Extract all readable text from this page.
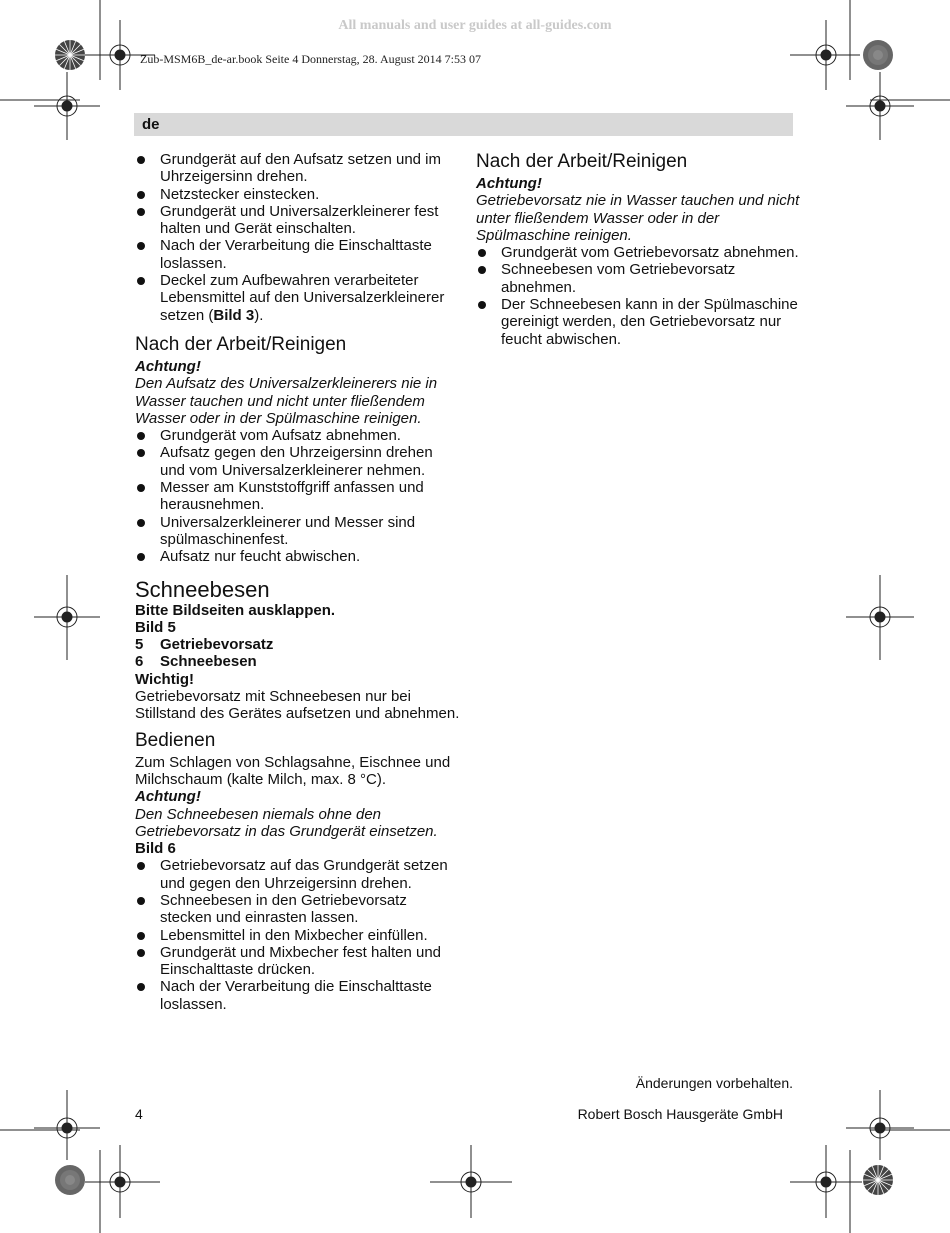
All manuals and user guides at all-guides.com
Zub-MSM6B_de-ar.book Seite 4 Donnerstag, 28. August 2014 7:53 07
de
Grundgerät auf den Aufsatz setzen und im Uhrzeigersinn drehen.
Netzstecker einstecken.
Grundgerät und Universalzerkleinerer fest halten und Gerät einschalten.
Nach der Verarbeitung die Einschalttaste loslassen.
Deckel zum Aufbewahren verarbeiteter Lebensmittel auf den Universalzerkleinerer setzen (Bild 3).
Nach der Arbeit/Reinigen

Achtung!

Den Aufsatz des Universalzerkleinerers nie in Wasser tauchen und nicht unter fließendem Wasser oder in der Spülmaschine reinigen.

Grundgerät vom Aufsatz abnehmen.
Aufsatz gegen den Uhrzeigersinn drehen und vom Universalzerkleinerer nehmen.
Messer am Kunststoffgriff anfassen und herausnehmen.
Universalzerkleinerer und Messer sind spülmaschinenfest.
Aufsatz nur feucht abwischen.
Schneebesen

Bitte Bildseiten ausklappen.

Bild 5

5	Getriebevorsatz
6	Schneebesen

Wichtig!

Getriebevorsatz mit Schneebesen nur bei Stillstand des Gerätes aufsetzen und abnehmen.

Bedienen

Zum Schlagen von Schlagsahne, Eischnee und Milchschaum (kalte Milch, max. 8 °C).

Achtung!

Den Schneebesen niemals ohne den Getriebevorsatz in das Grundgerät einsetzen.

Bild 6

Getriebevorsatz auf das Grundgerät setzen und gegen den Uhrzeigersinn drehen.
Schneebesen in den Getriebevorsatz stecken und einrasten lassen.
Lebensmittel in den Mixbecher einfüllen.
Grundgerät und Mixbecher fest halten und Einschalttaste drücken.
Nach der Verarbeitung die Einschalttaste loslassen.
Nach der Arbeit/Reinigen

Achtung!

Getriebevorsatz nie in Wasser tauchen und nicht unter fließendem Wasser oder in der Spülmaschine reinigen.

Grundgerät vom Getriebevorsatz abnehmen.
Schneebesen vom Getriebevorsatz abnehmen.
Der Schneebesen kann in der Spülmaschine gereinigt werden, den Getriebevorsatz nur feucht abwischen.
Änderungen vorbehalten.
4	Robert Bosch Hausgeräte GmbH
